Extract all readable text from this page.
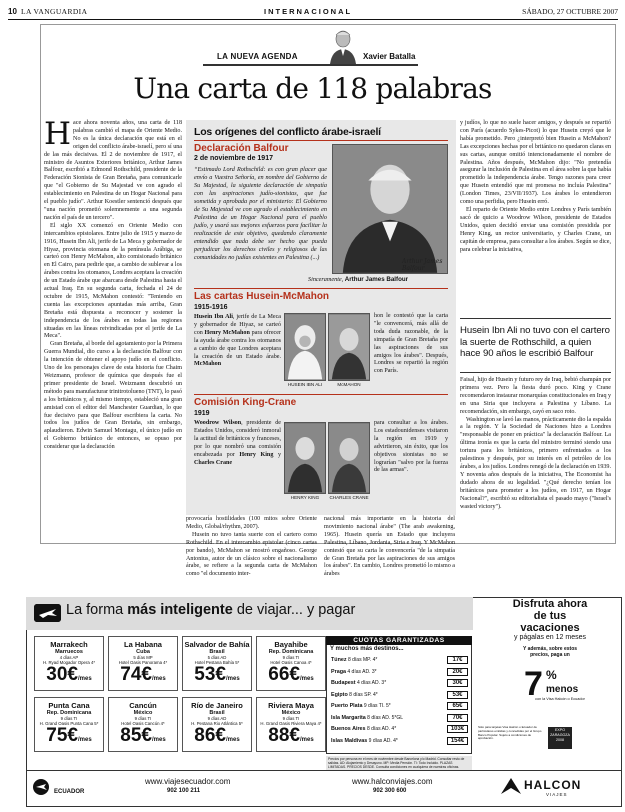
10 LA VANGUARDIA	INTERNACIONAL	SÁBADO, 27 OCTUBRE 2007
LA NUEVA AGENDA	Xavier Batalla
Una carta de 118 palabras

Hace ahora noventa años, una carta de 118 palabras cambió el mapa de Oriente Medio. No es la única declaración que está en el origen del conflicto árabe-israelí, pero sí una de las más decisivas. El 2 de noviembre de 1917, el ministro de Asuntos Exteriores británico, Arthur James Balfour, escribió a Edmond Rothschild, presidente de la Federación Sionista de Gran Bretaña, para comunicarle que "el Gobierno de Su Majestad ve con agrado el establecimiento en Palestina de un Hogar Nacional para el pueblo judío". Arthur Koestler sentenció después que "una nación prometió solemnemente a una segunda nación el país de un tercero".

El siglo XX comenzó en Oriente Medio con intercambios epistolares. Entre julio de 1915 y marzo de 1916, Husein Ibn Ali, jerife de La Meca y gobernador de Hiyaz, provincia otomana de la península Arábiga, se carteó con Henry McMahon, alto comisionado británico en El Cairo, para pedirle que, a cambio de sublevar a los árabes contra los otomanos, Londres aceptara la creación de un Estado árabe que abarcara desde Palestina hasta el actual Iraq. En su segunda carta, fechada el 24 de octubre de 1915, McMahon contestó: "Teniendo en cuenta las excepciones apuntadas más arriba, Gran Bretaña está dispuesta a reconocer y sostener la independencia de los árabes en todas las regiones situadas en las líneas reivindicadas por el jerife de La Meca".

Gran Bretaña, al borde del agotamiento por la Primera Guerra Mundial, dio curso a la declaración Balfour con la intención de obtener el apoyo judío en el conflicto. Uno de los personajes clave de esta historia fue Chaim Weizmann, profesor de química que después fue el primer presidente de Israel. Weizmann descubrió un método para manufacturar trinitrotolueno (TNT), lo pasó a los británicos y, al mismo tiempo, estableció una gran amistad con el editor del Manchester Guardian, lo que fue decisivo para que Balfour escribiera la carta. No todos los judíos de Gran Bretaña, sin embargo, aplaudieron. Edwin Samuel Montagu, el único judío en el Gobierno británico de entonces, se opuso por considerar que la declaración

Los orígenes del conflicto árabe-israelí
Declaración Balfour
2 de noviembre de 1917
“Estimado Lord Rothschild: es con gran placer que envío a Vuestra Señoría, en nombre del Gobierno de Su Majestad, la siguiente declaración de simpatía con las aspiraciones judío-sionistas, que fue sometida y aprobada por el ministerio: El Gobierno de Su Majestad ve con agrado el establecimiento en Palestina de un Hogar Nacional para el pueblo judío, y usará sus mejores esfuerzos para facilitar la realización de este objetivo, quedando claramente entendido que nada debe ser hecho que pueda perjudicar los derechos civiles y religiosos de las comunidades no judías existentes en Palestina (...)
Sinceramente, Arthur James Balfour
Arthur James Balfour
Las cartas Husein-McMahon
1915-1916
Husein Ibn Ali, jerife de La Meca y gobernador de Hiyaz, se carteó con Henry McMahon para ofrecer la ayuda árabe contra los otomanos a cambio de que Londres aceptara la creación de un Estado árabe. McMahon
HUSEIN IBN ALI	McMAHON
hon le contestó que la carta "le convencerá, más allá de toda duda razonable, de la simpatía de Gran Bretaña por las aspiraciones de sus amigos los árabes". Después, Londres se repartió la región con París.
Comisión King-Crane
1919
Woodrow Wilson, presidente de Estados Unidos, consideró inmoral la actitud de británicos y franceses, por lo que nombró una comisión encabezada por Henry King y Charles Crane
HENRY KING	CHARLES CRANE
para consultar a los árabes. Los estadounidenses visitaron la región en 1919 y advirtieron, sin éxito, que los objetivos sionistas no se lograrían "salvo por la fuerza de las armas".

provocaría hostilidades (100 mitos sobre Oriente Medio, Global/rhythm, 2007).

Husein no tuvo tanta suerte con el cartero como Rothschild. En el intercambio epistolar (cinco cartas por bando), McMahon se mostró engañoso. George Antonius, autor de un clásico sobre el nacionalismo árabe, se refiere a la segunda carta de McMahon como "el documento inter-

nacional más importante en la historia del movimiento nacional árabe" (The arab awakening, 1965). Husein quería un Estado que incluyera Palestina, Líbano, Jordania, Siria e Iraq. Y McMahon contestó que su carta le convencería "de la simpatía de Gran Bretaña por las aspiraciones de sus amigos los árabes". En cambio, Londres prometió lo mismo a árabes

y judíos, lo que no suele hacer amigos, y después se repartió con París (acuerdo Sykes-Picot) lo que Husein creyó que le había prometido. Pero ¿interpretó bien Husein a McMahon? Las excepciones hechas por el británico no quedaron claras en sus cartas, aunque omitió intencionadamente el nombre de Palestina. Años después, McMahon dijo: "No pretendía asegurar la inclusión de Palestina en el área sobre la que había prometido la independencia árabe. Tengo razones para creer que Husein entendió que mi promesa no incluía Palestina" (London Times, 23/VII/1937). Los árabes lo entendieron como una perfidia, pero Husein erró.

El reparto de Oriente Medio entre Londres y París también sacó de quicio a Woodrow Wilson, presidente de Estados Unidos, quien decidió enviar una comisión presidida por Henry King, un rector universitario, y Charles Crane, un capitán de empresa, para consultar a los árabes. Según se dice, para celebrar la iniciativa,

Husein Ibn Ali no tuvo con el cartero la suerte de Rothschild, a quien hace 90 años le escribió Balfour

Faisal, hijo de Husein y futuro rey de Iraq, bebió champán por primera vez. Pero la fiesta duró poco. King y Crane recomendaron instaurar monarquías constitucionales en Iraq y en una Siria que incluyera a Palestina y Líbano. La recomendación, sin embargo, cayó en saco roto.

Washington se lavó las manos, prácticamente dio la espalda a la región. Y la Sociedad de Naciones hizo a Londres "responsable de poner en práctica" la declaración Balfour. La última ironía es que la carta del ministro terminó siendo una tortura para los británicos, primero enfrentados a los palestinos y después, por su interés en el petróleo de los árabes, a los judíos. Londres renegó de la declaración en 1939. Y noventa años después de la iniciativa, The Economist ha dudado ahora de su legalidad. "¿Qué derecho tenían los británicos para prometer a los judíos, en 1917, un Hogar Nacional?", escribió su editorialista el pasado mayo ("Israel's wasted victory").

La forma más inteligente de viajar... y pagar
Marrakech
Marruecos
4 días AP
H. Ryad Mogador Opera 4*
30€/mes
La Habana
Cuba
5 días MP
Hotel Oasis Panorama 4*
74€/mes
Salvador de Bahía
Brasil
5 días AD
Hotel Pestana Bahía 5*
53€/mes
Bayahibe
Rep. Dominicana
9 días TI
Hotel Oasis Canoa 4*
66€/mes
Punta Cana
Rep. Dominicana
9 días TI
H. Grand Oasis Punta Cana 5*
75€/mes
Cancún
México
9 días TI
Hotel Oasis Cancún 4*
85€/mes
Río de Janeiro
Brasil
9 días AD
H. Pestana Rio Atlántica 5*
86€/mes
Riviera Maya
México
9 días TI
H. Grand Oasis Riviera Maya 4*
88€/mes
CUOTAS GARANTIZADAS
Y muchos más destinos...
Túnez 8 días MP. 4*	17€
Praga 4 días AD. 3*	20€
Budapest 4 días AD. 3*	30€
Egipto 8 días SP. 4*	53€
Puerto Plata 9 días TI. 5*	65€
Isla Margarita 8 días AD. 5*GL	70€
Buenos Aires 8 días AD. 4*	103€
Islas Maldivas 9 días AD. 4*	154€
Precios por persona en el mes de noviembre desde Barcelona y/o Madrid. Consultar resto de salidas. AD: Alojamiento y Desayuno. MP: Media Pensión. TI: Todo Incluido. PLAZAS LIMITADAS. PRECIOS DESDE. Consulta condiciones en cualquiera de nuestras oficinas.
Disfruta ahora
de tus
vacaciones
y págalas en 12 meses
Y además, sobre estos precios, paga un
7 %
menos
con la Visa Halcón o Ecuador
Sólo para tarjetas Visa Halcón o Ecuador de particulares emitidas y concedidas por el Grupo Banco Popular. Sujeto a condiciones de aprobación.
EXPO ZARAGOZA 2008
ECUADOR
www.viajesecuador.com
902 100 211
www.halconviajes.com
902 300 600	HALCON
VIAJES
